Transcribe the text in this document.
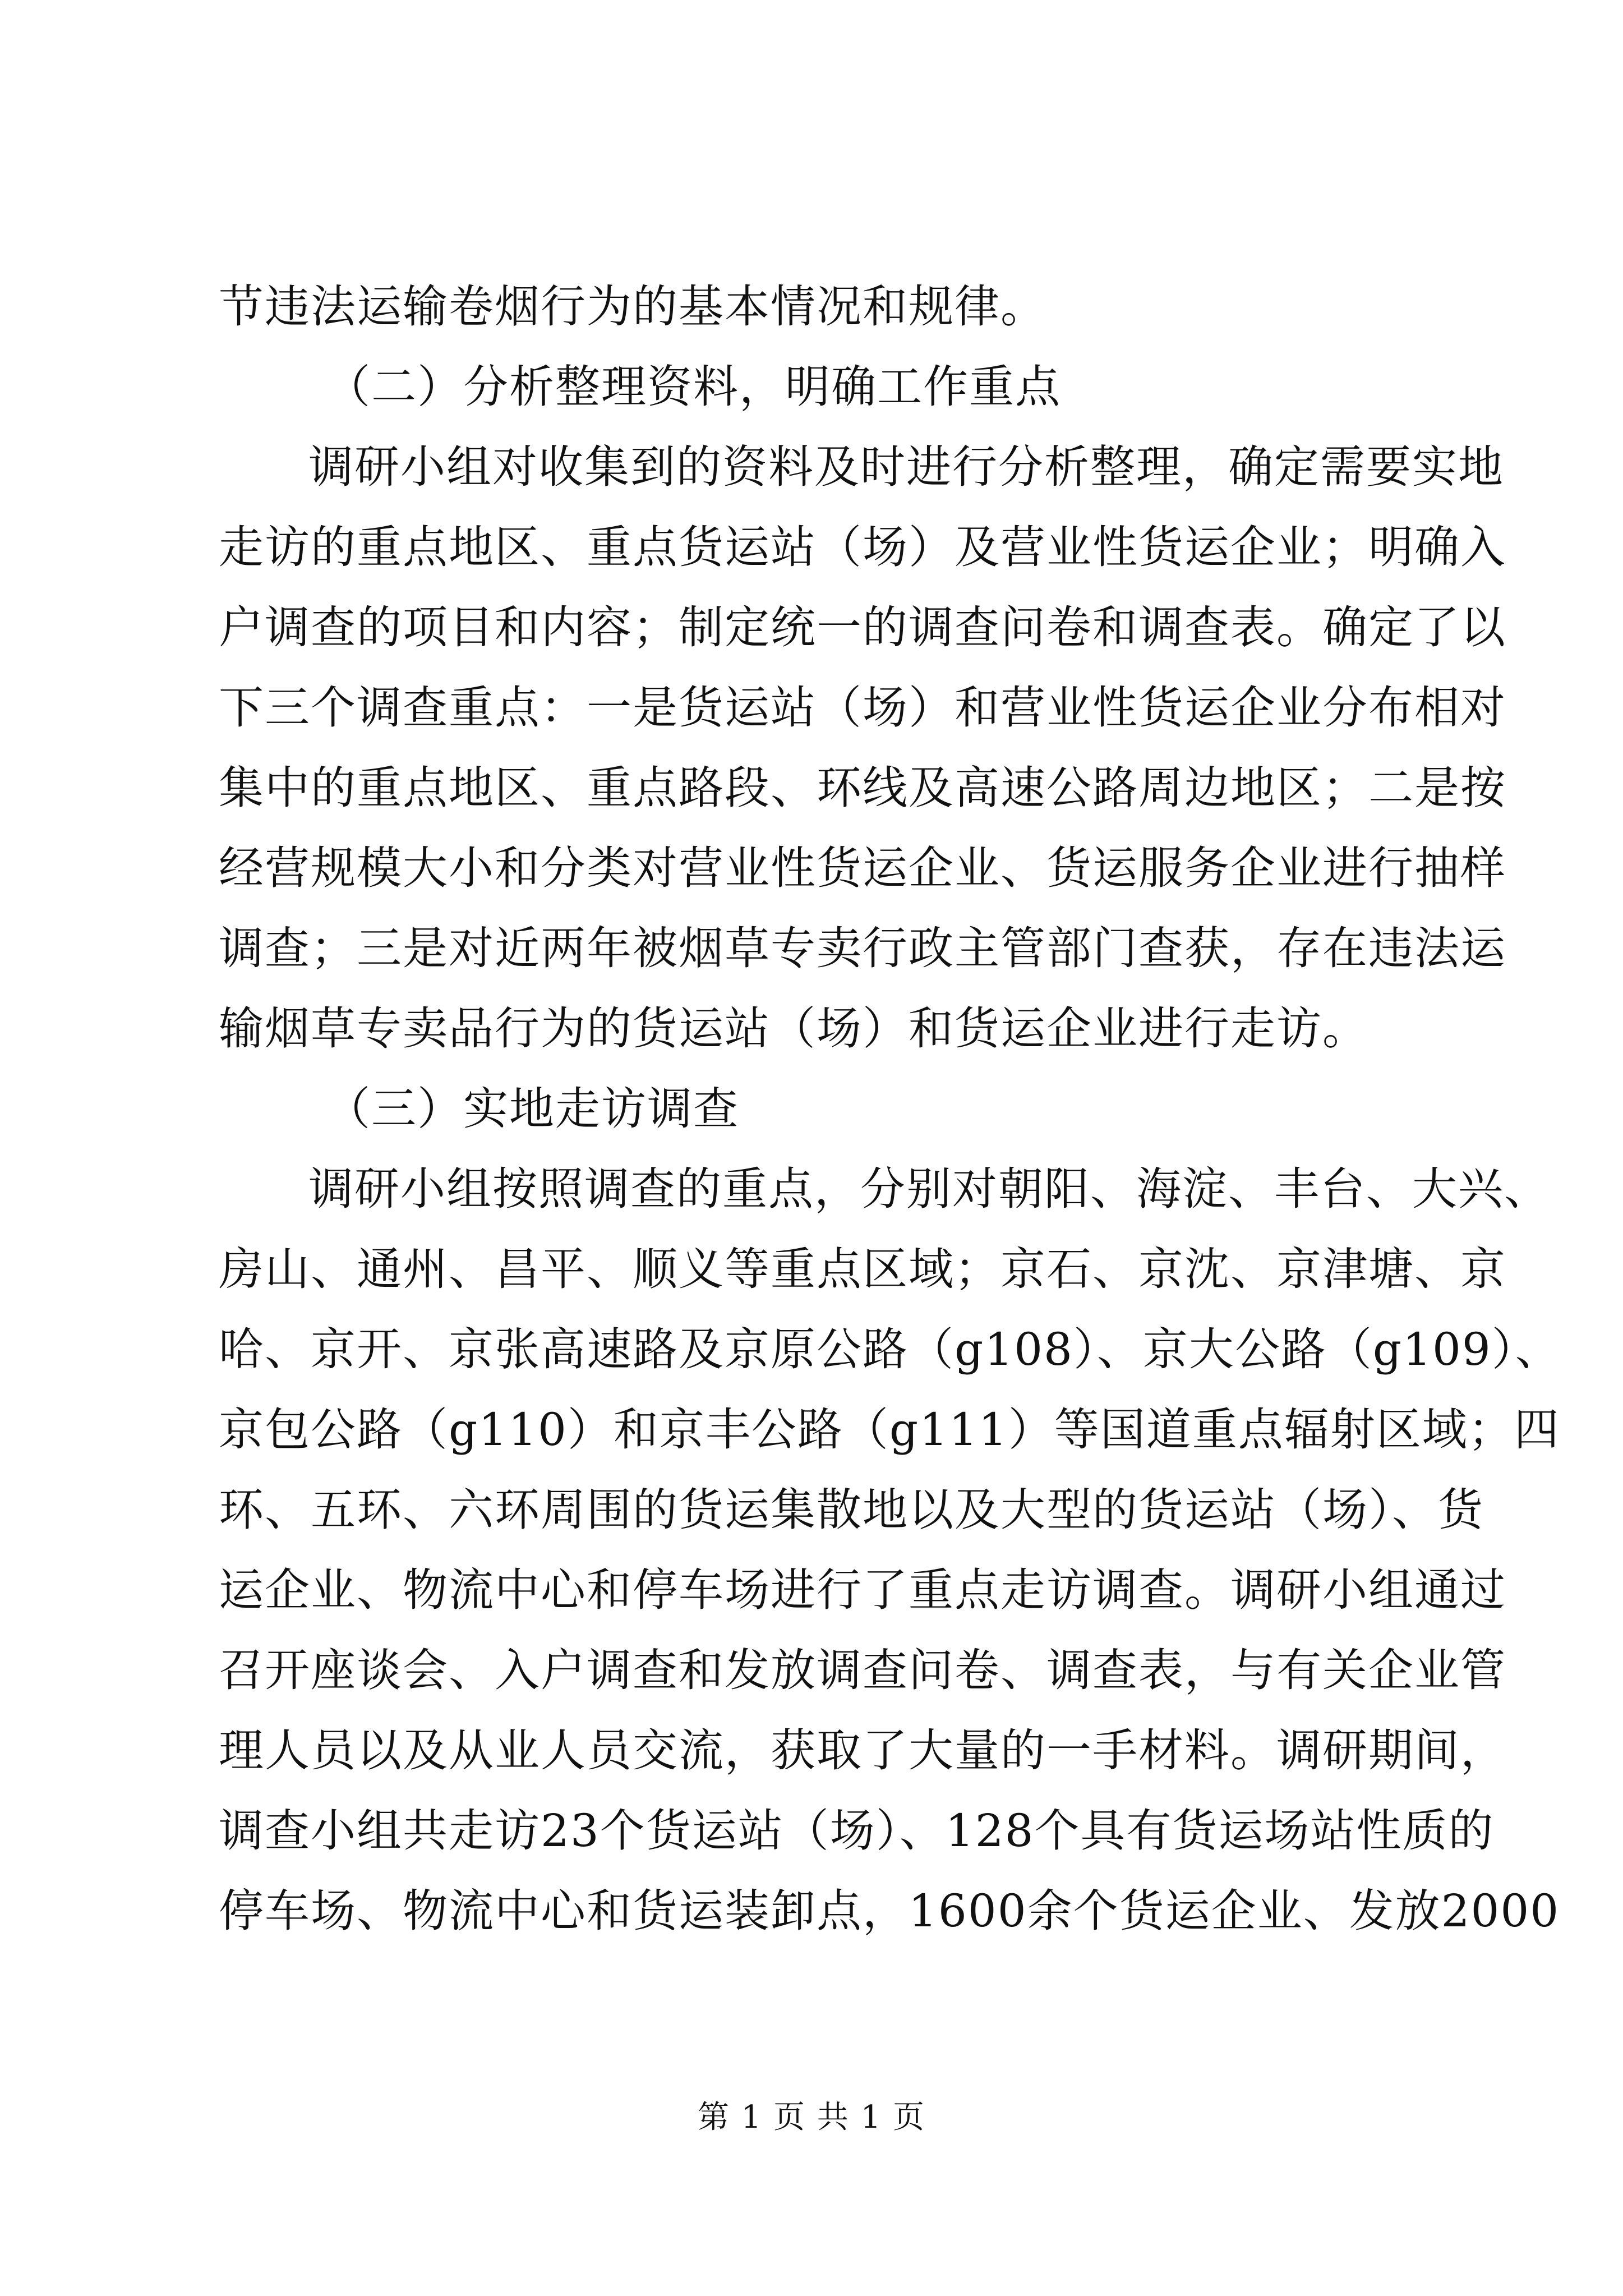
节违法运输卷烟行为的基本情况和规律。
（二）分析整理资料，明确工作重点
调研小组对收集到的资料及时进行分析整理，确定需要实地
走访的重点地区、重点货运站（场）及营业性货运企业；明确入
户调查的项目和内容；制定统一的调查问卷和调查表。确定了以
下三个调查重点：一是货运站（场）和营业性货运企业分布相对
集中的重点地区、重点路段、环线及高速公路周边地区；二是按
经营规模大小和分类对营业性货运企业、货运服务企业进行抽样
调查；三是对近两年被烟草专卖行政主管部门查获，存在违法运
输烟草专卖品行为的货运站（场）和货运企业进行走访。
（三）实地走访调查
调研小组按照调查的重点，分别对朝阳、海淀、丰台、大兴、
房山、通州、昌平、顺义等重点区域；京石、京沈、京津塘、京
哈、京开、京张高速路及京原公路（g108）、京大公路（g109）、
京包公路（g110）和京丰公路（g111）等国道重点辐射区域；四
环、五环、六环周围的货运集散地以及大型的货运站（场）、货
运企业、物流中心和停车场进行了重点走访调查。调研小组通过
召开座谈会、入户调查和发放调查问卷、调查表，与有关企业管
理人员以及从业人员交流，获取了大量的一手材料。调研期间，
调查小组共走访23个货运站（场）、128个具有货运场站性质的
停车场、物流中心和货运装卸点，1600余个货运企业、发放2000
第 1 页 共 1 页
